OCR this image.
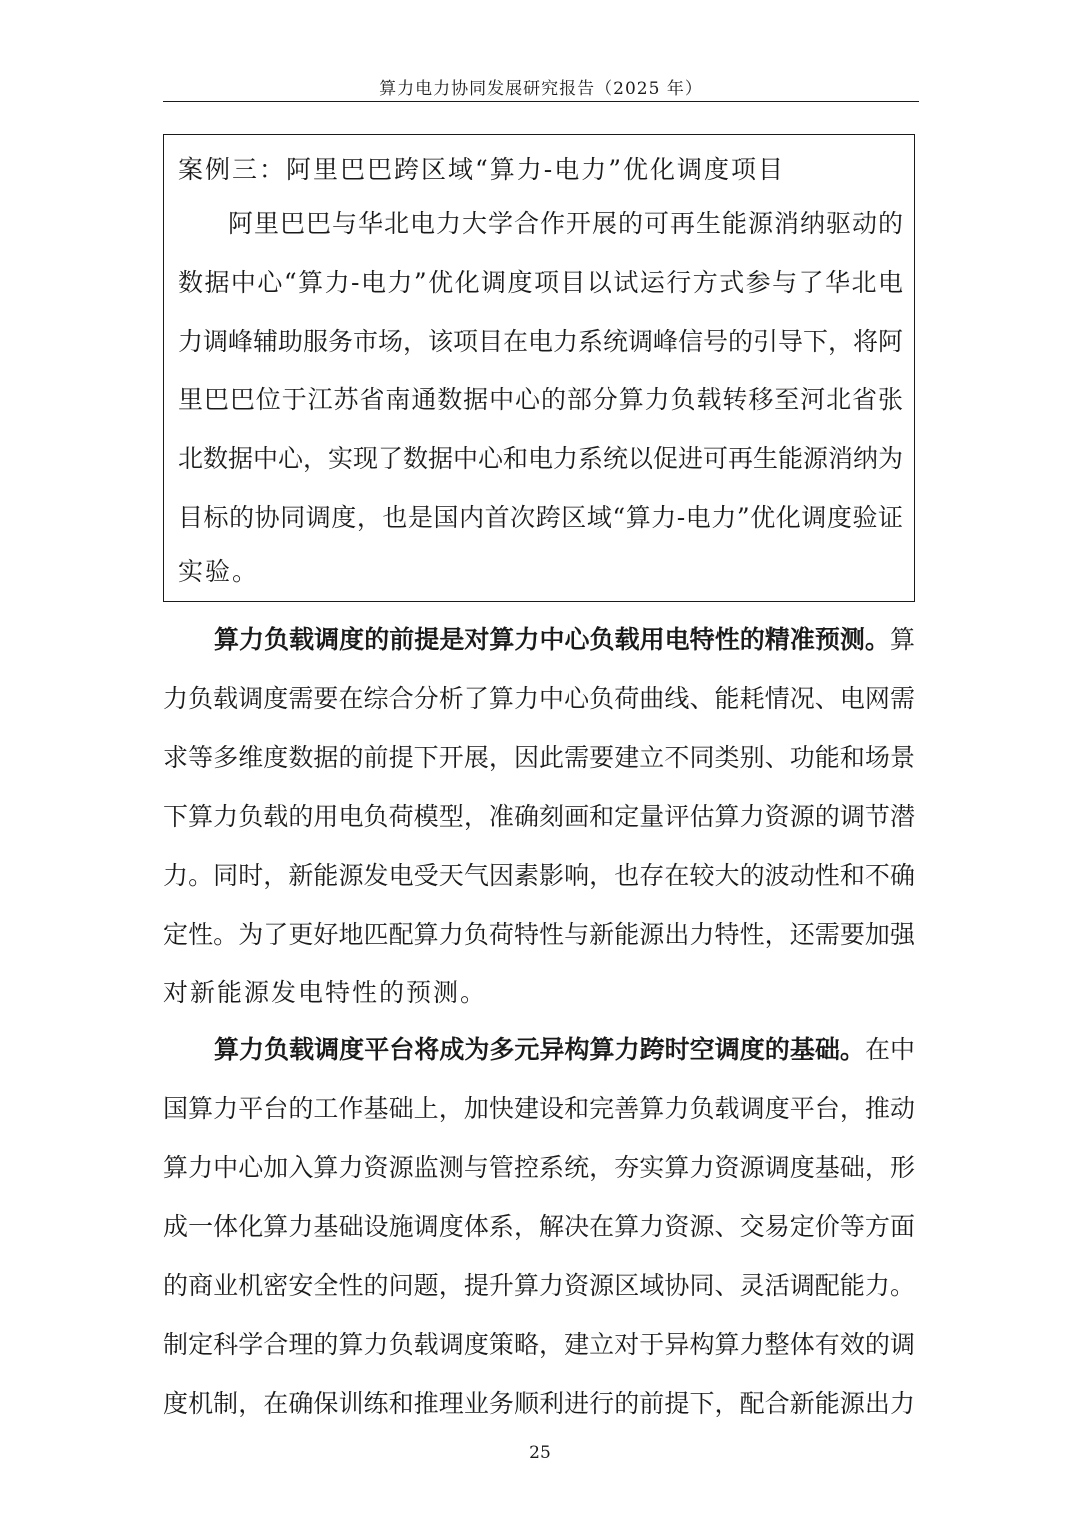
算力电力协同发展研究报告（2025 年）
案例三：阿里巴巴跨区域“算力-电力”优化调度项目
阿里巴巴与华北电力大学合作开展的可再生能源消纳驱动的
数据中心“算力-电力”优化调度项目以试运行方式参与了华北电
力调峰辅助服务市场，该项目在电力系统调峰信号的引导下，将阿
里巴巴位于江苏省南通数据中心的部分算力负载转移至河北省张
北数据中心，实现了数据中心和电力系统以促进可再生能源消纳为
目标的协同调度，也是国内首次跨区域“算力-电力”优化调度验证
实验。
算力负载调度的前提是对算力中心负载用电特性的精准预测。算
力负载调度需要在综合分析了算力中心负荷曲线、能耗情况、电网需
求等多维度数据的前提下开展，因此需要建立不同类别、功能和场景
下算力负载的用电负荷模型，准确刻画和定量评估算力资源的调节潜
力。同时，新能源发电受天气因素影响，也存在较大的波动性和不确
定性。为了更好地匹配算力负荷特性与新能源出力特性，还需要加强
对新能源发电特性的预测。
算力负载调度平台将成为多元异构算力跨时空调度的基础。在中
国算力平台的工作基础上，加快建设和完善算力负载调度平台，推动
算力中心加入算力资源监测与管控系统，夯实算力资源调度基础，形
成一体化算力基础设施调度体系，解决在算力资源、交易定价等方面
的商业机密安全性的问题，提升算力资源区域协同、灵活调配能力。
制定科学合理的算力负载调度策略，建立对于异构算力整体有效的调
度机制，在确保训练和推理业务顺利进行的前提下，配合新能源出力
25
